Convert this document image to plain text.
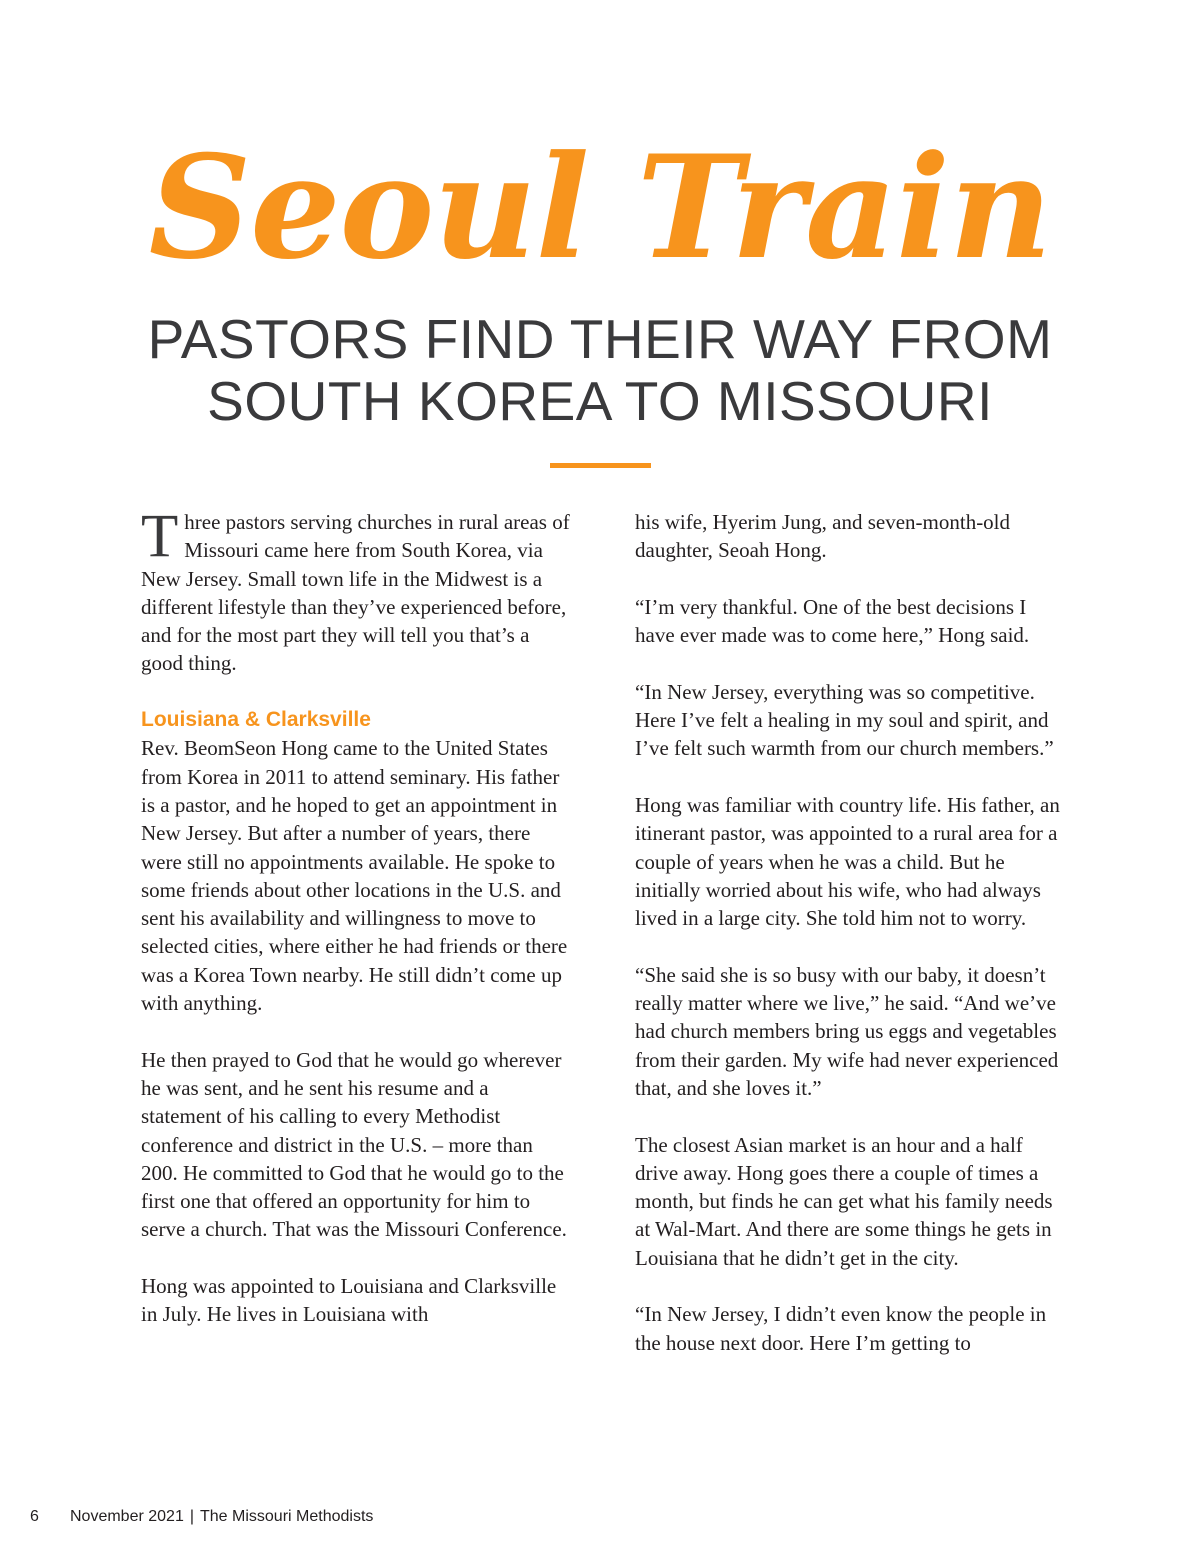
Seoul Train
PASTORS FIND THEIR WAY FROM
SOUTH KOREA TO MISSOURI

Three pastors serving churches in rural areas of Missouri came here from South Korea, via New Jersey. Small town life in the Midwest is a different lifestyle than they’ve experienced before, and for the most part they will tell you that’s a good thing.

Louisiana & Clarksville

Rev. BeomSeon Hong came to the United States from Korea in 2011 to attend seminary. His father is a pastor, and he hoped to get an appointment in New Jersey. But after a number of years, there were still no appointments available. He spoke to some friends about other locations in the U.S. and sent his availability and willingness to move to selected cities, where either he had friends or there was a Korea Town nearby. He still didn’t come up with anything.

He then prayed to God that he would go wherever he was sent, and he sent his resume and a statement of his calling to every Methodist conference and district in the U.S. – more than 200. He committed to God that he would go to the first one that offered an opportunity for him to serve a church. That was the Missouri Conference.

Hong was appointed to Louisiana and Clarksville in July. He lives in Louisiana with

his wife, Hyerim Jung, and seven-month-old daughter, Seoah Hong.

“I’m very thankful. One of the best decisions I have ever made was to come here,” Hong said.

“In New Jersey, everything was so competitive. Here I’ve felt a healing in my soul and spirit, and I’ve felt such warmth from our church members.”

Hong was familiar with country life. His father, an itinerant pastor, was appointed to a rural area for a couple of years when he was a child. But he initially worried about his wife, who had always lived in a large city. She told him not to worry.

“She said she is so busy with our baby, it doesn’t really matter where we live,” he said. “And we’ve had church members bring us eggs and vegetables from their garden. My wife had never experienced that, and she loves it.”

The closest Asian market is an hour and a half drive away. Hong goes there a couple of times a month, but finds he can get what his family needs at Wal-Mart. And there are some things he gets in Louisiana that he didn’t get in the city.

“In New Jersey, I didn’t even know the people in the house next door. Here I’m getting to

6 November 2021 | The Missouri Methodists
